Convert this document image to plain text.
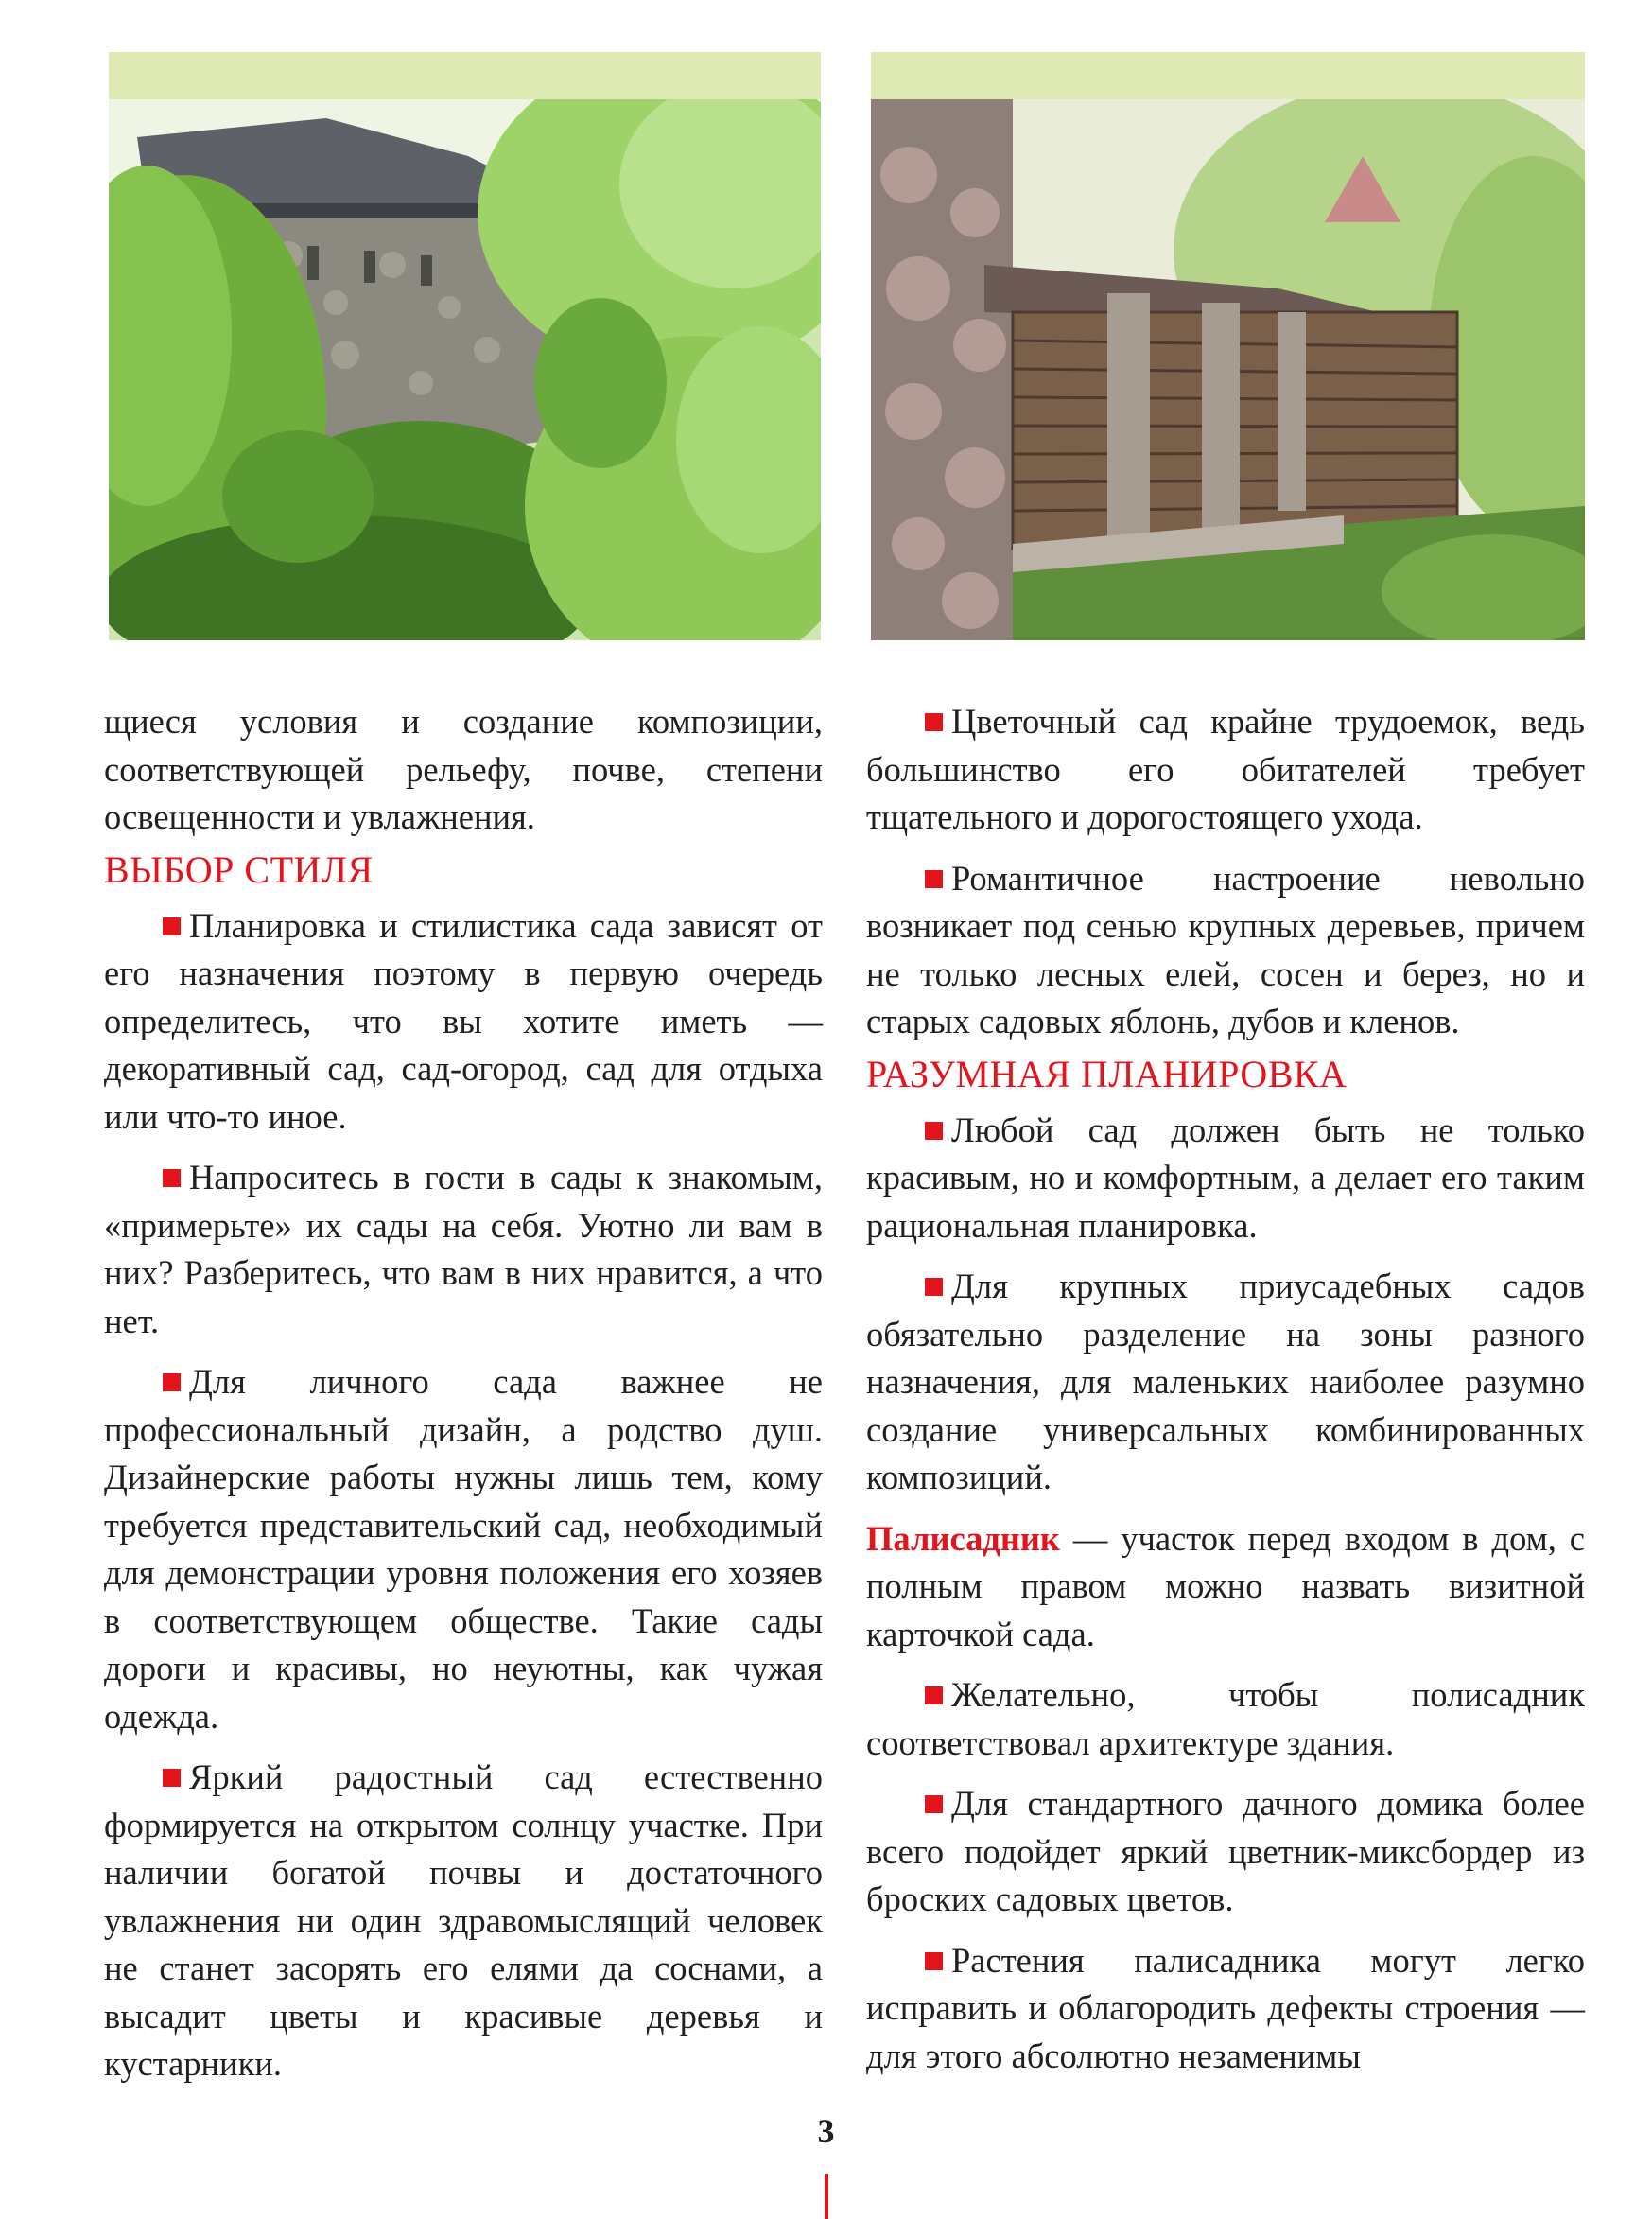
щиеся условия и создание композиции, соответствующей рельефу, почве, степени освещенности и увлажнения.

ВЫБОР СТИЛЯ

Планировка и стилистика сада зависят от его назначения поэтому в первую очередь определитесь, что вы хотите иметь — декоративный сад, сад-огород, сад для отдыха или что-то иное.

Напроситесь в гости в сады к знакомым, «примерьте» их сады на себя. Уютно ли вам в них? Разберитесь, что вам в них нравится, а что нет.

Для личного сада важнее не профессиональный дизайн, а родство душ. Дизайнерские работы нужны лишь тем, кому требуется представительский сад, необходимый для демонстрации уровня положения его хозяев в соответствующем обществе. Такие сады дороги и красивы, но неуютны, как чужая одежда.

Яркий радостный сад естественно формируется на открытом солнцу участке. При наличии богатой почвы и достаточного увлажнения ни один здравомыслящий человек не станет засорять его елями да соснами, а высадит цветы и красивые деревья и кустарники.

Цветочный сад крайне трудоемок, ведь большинство его обитателей требует тщательного и дорогостоящего ухода.

Романтичное настроение невольно возникает под сенью крупных деревьев, причем не только лесных елей, сосен и берез, но и старых садовых яблонь, дубов и кленов.

РАЗУМНАЯ ПЛАНИРОВКА

Любой сад должен быть не только красивым, но и комфортным, а делает его таким рациональная планировка.

Для крупных приусадебных садов обязательно разделение на зоны разного назначения, для маленьких наиболее разумно создание универсальных комбинированных композиций.

Палисадник — участок перед входом в дом, с полным правом можно назвать визитной карточкой сада.

Желательно, чтобы полисадник соответствовал архитектуре здания.

Для стандартного дачного домика более всего подойдет яркий цветник-миксбордер из броских садовых цветов.

Растения палисадника могут легко исправить и облагородить дефекты строения — для этого абсолютно незаменимы

3
